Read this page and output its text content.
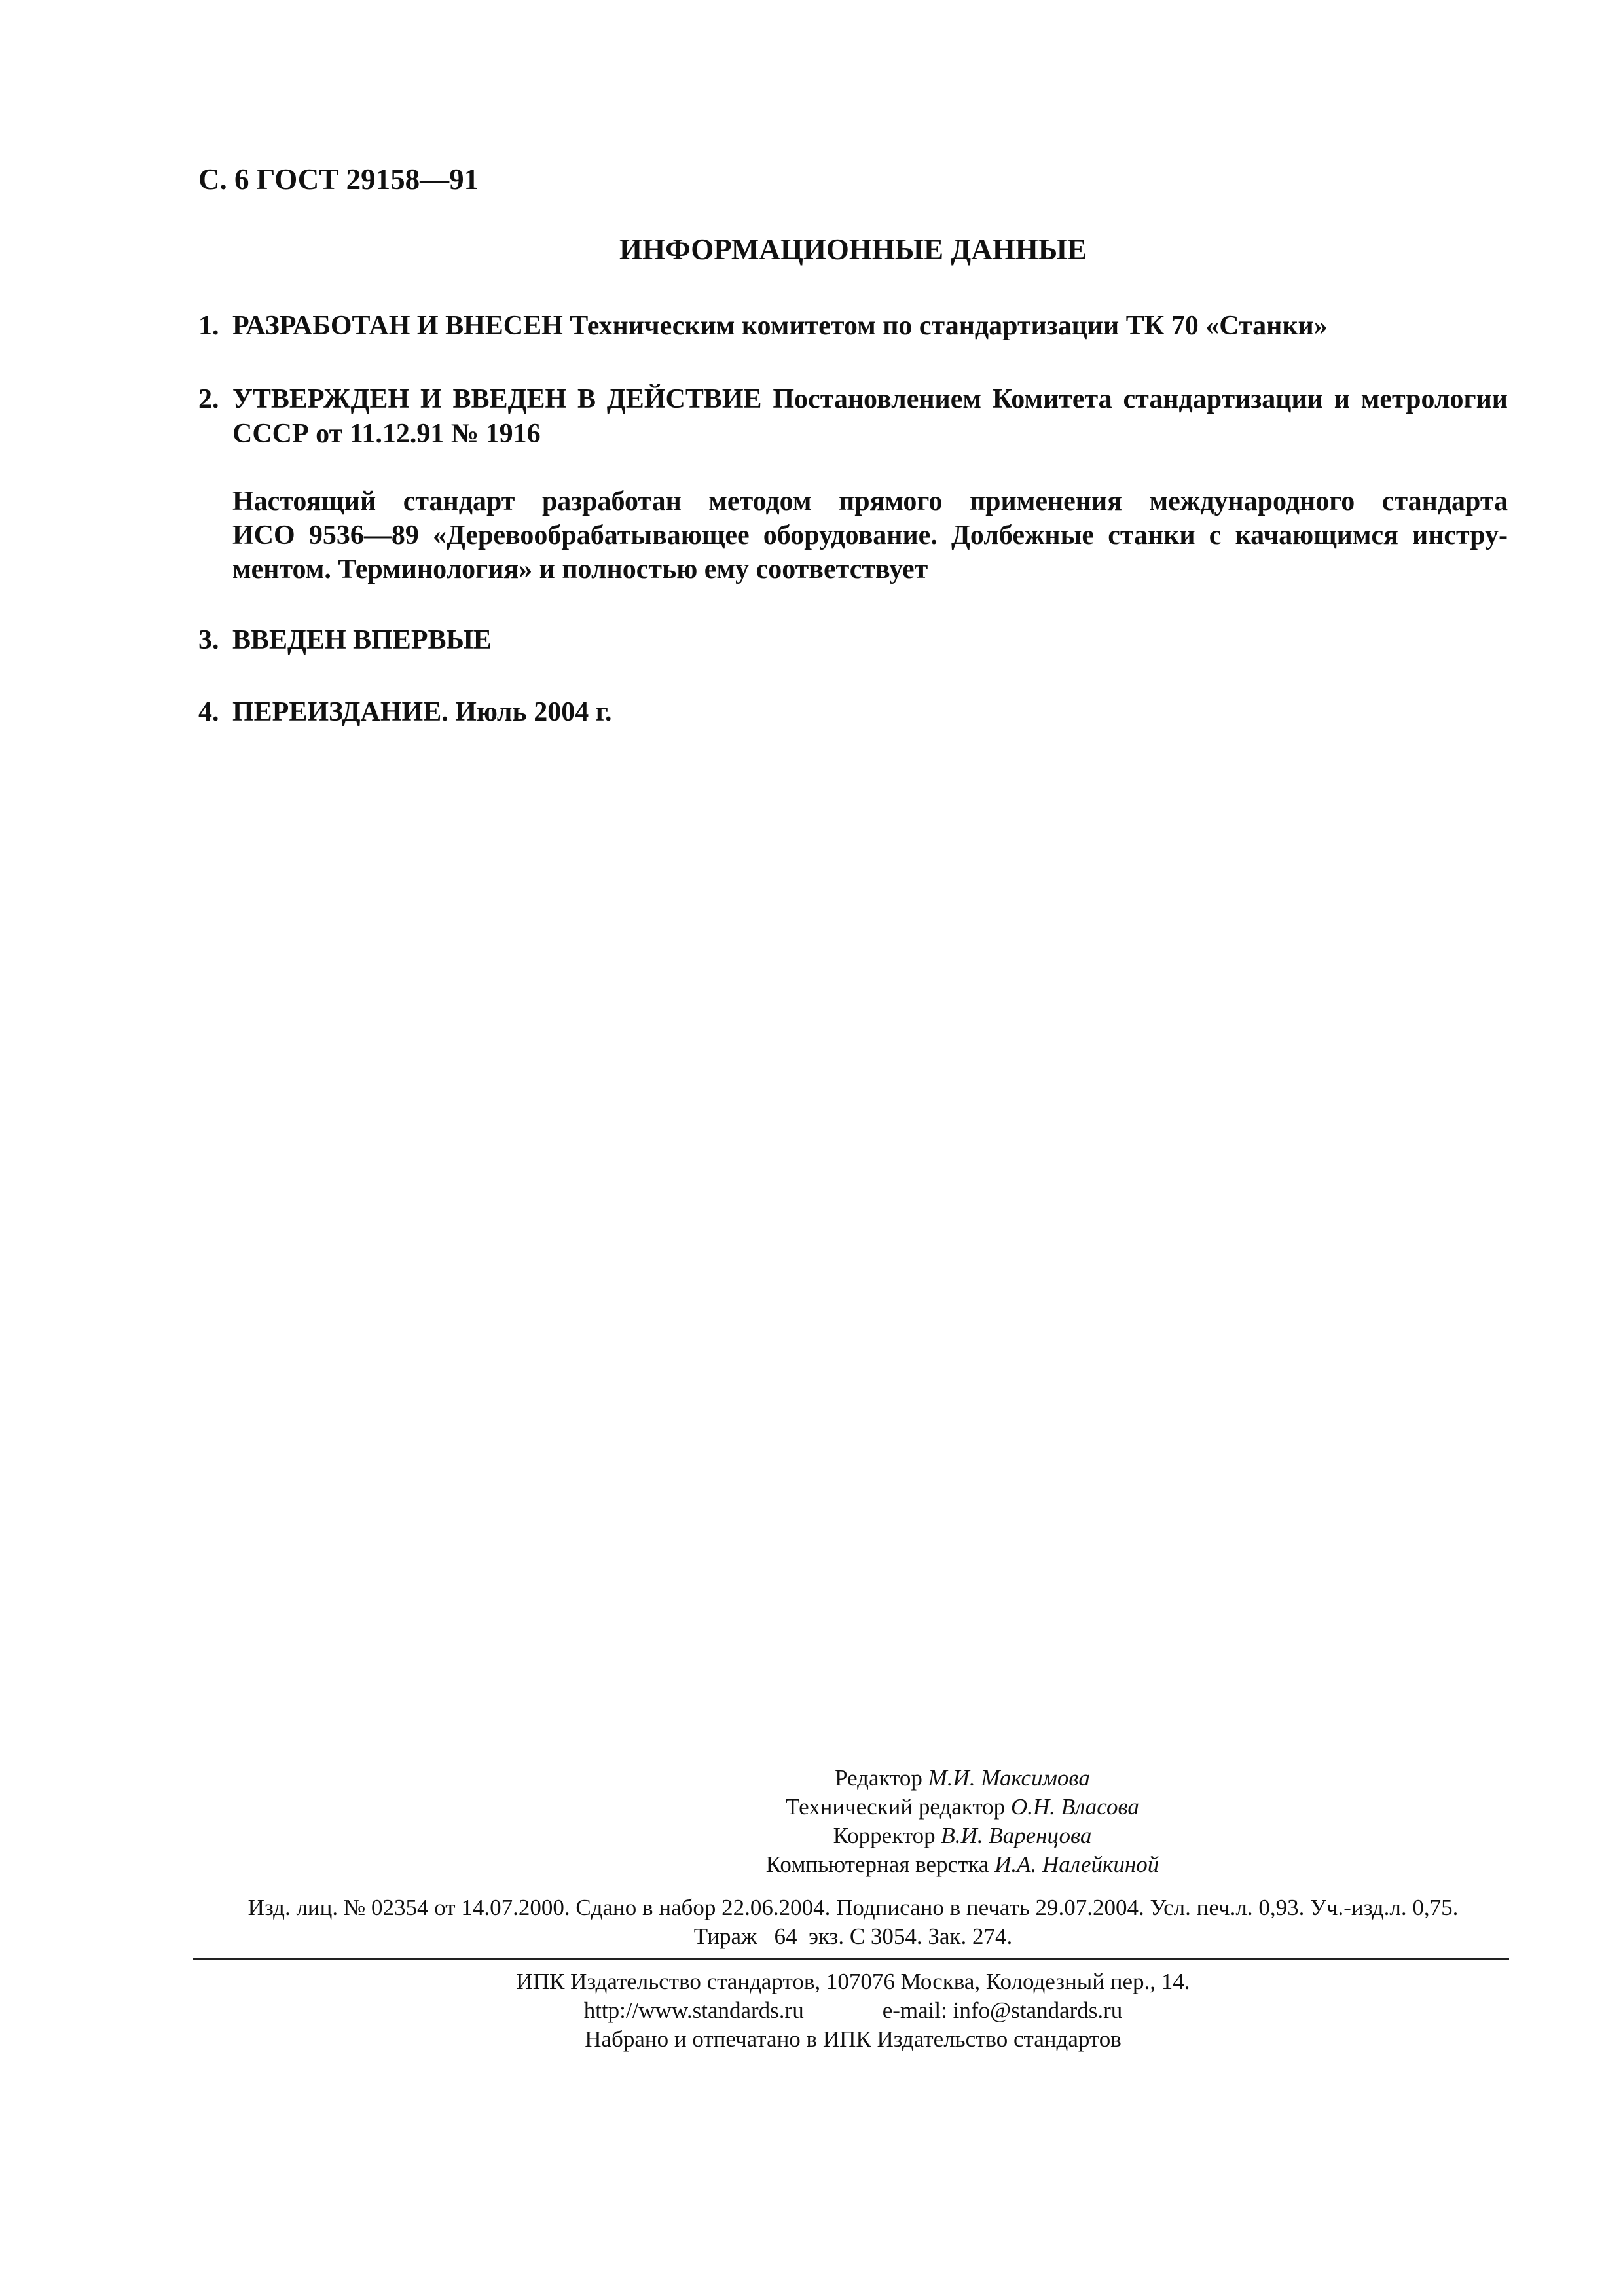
С. 6 ГОСТ 29158—91
ИНФОРМАЦИОННЫЕ ДАННЫЕ
1. РАЗРАБОТАН И ВНЕСЕН Техническим комитетом по стандартизации ТК 70 «Станки»
2. УТВЕРЖДЕН И ВВЕДЕН В ДЕЙСТВИЕ Постановлением Комитета стандартизации и метрологии СССР от 11.12.91 № 1916
Настоящий стандарт разработан методом прямого применения международного стандарта
ИСО 9536—89 «Деревообрабатывающее оборудование. Долбежные станки с качающимся инстру-
ментом. Терминология» и полностью ему соответствует
3. ВВЕДЕН ВПЕРВЫЕ
4. ПЕРЕИЗДАНИЕ. Июль 2004 г.
Редактор М.И. Максимова
Технический редактор О.Н. Власова
Корректор В.И. Варенцова
Компьютерная верстка И.А. Налейкиной
Изд. лиц. № 02354 от 14.07.2000. Сдано в набор 22.06.2004. Подписано в печать 29.07.2004. Усл. печ.л. 0,93. Уч.-изд.л. 0,75.
Тираж   64  экз. С 3054. Зак. 274.
ИПК Издательство стандартов, 107076 Москва, Колодезный пер., 14.
http://www.standards.ru	e-mail: info@standards.ru
Набрано и отпечатано в ИПК Издательство стандартов
